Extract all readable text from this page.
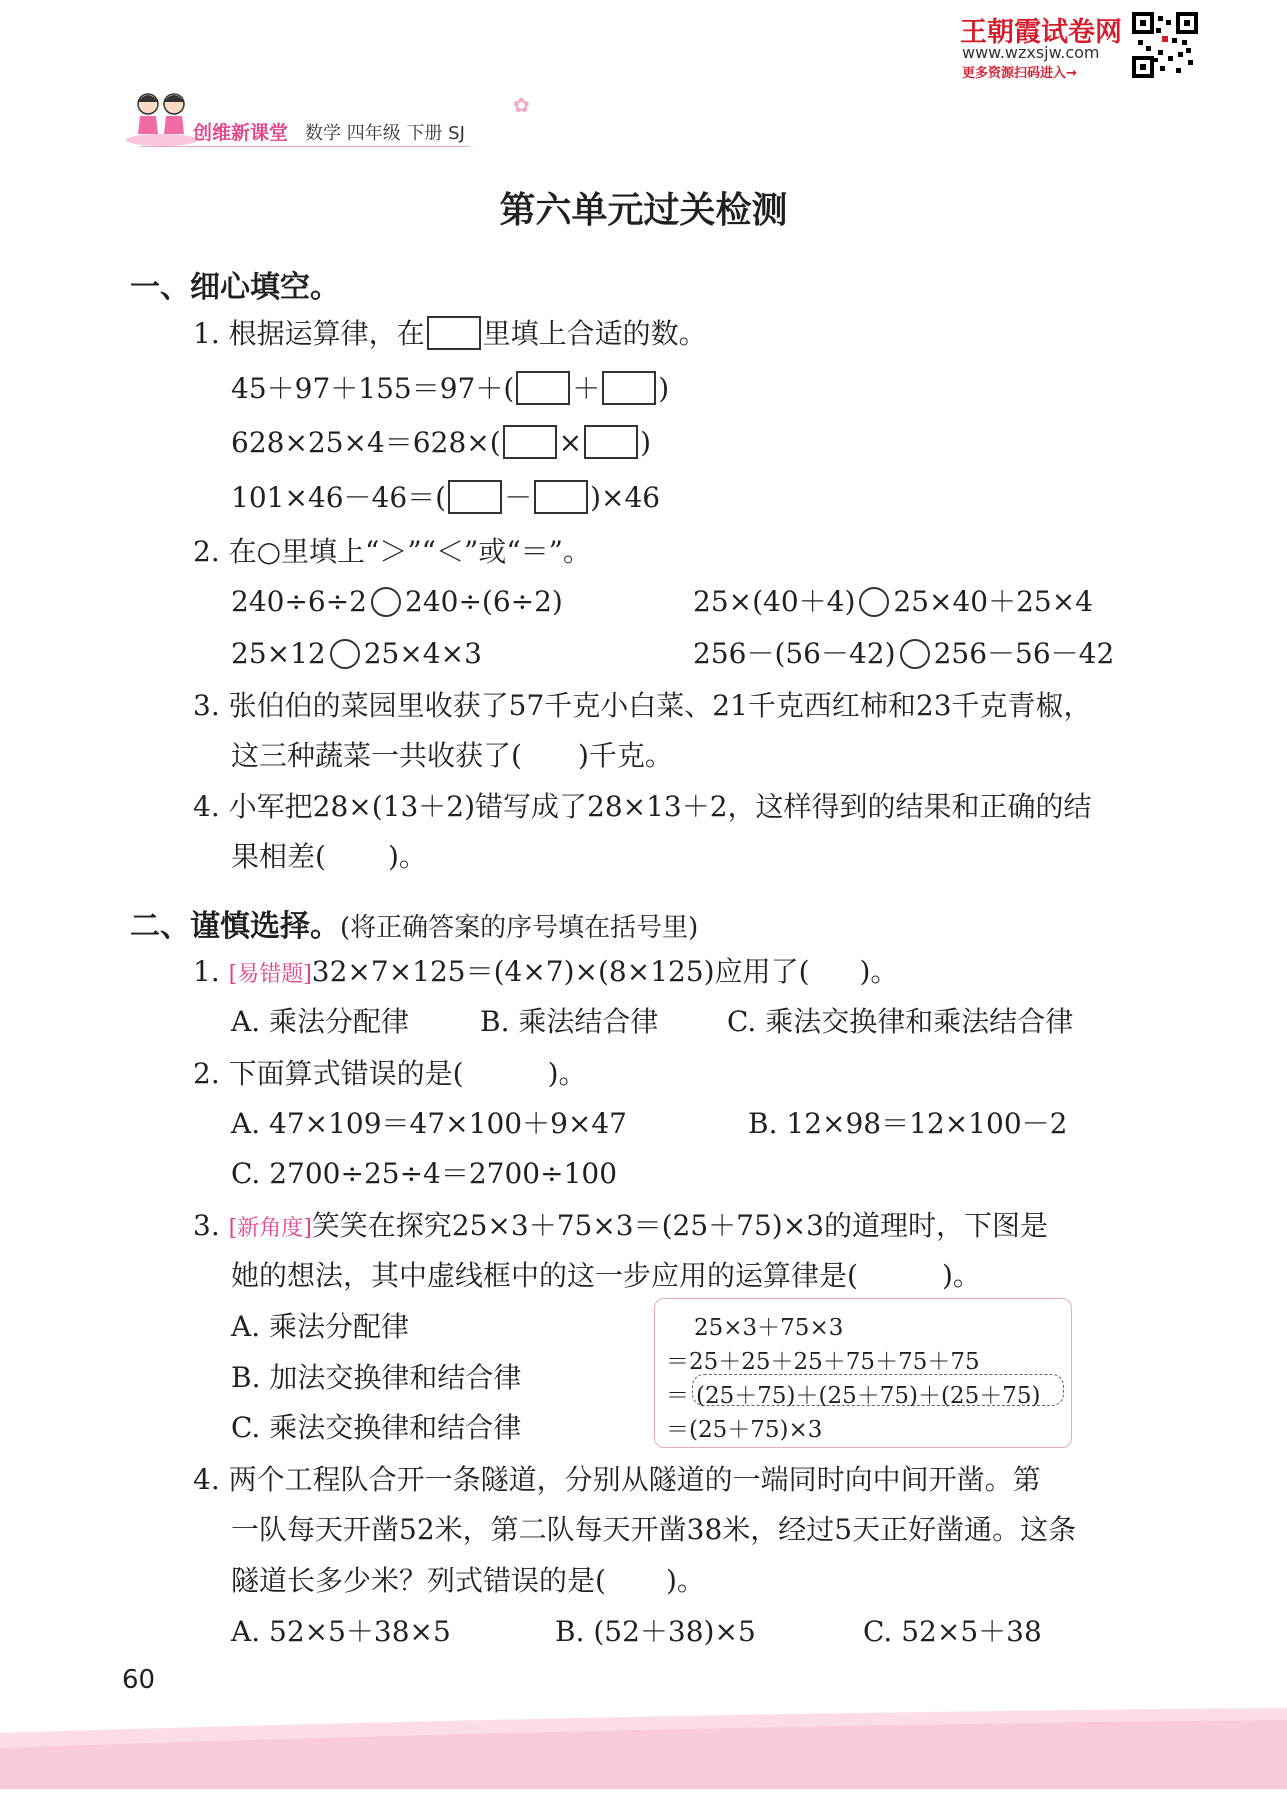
王朝霞试卷网
www.wzxsjw.com
更多资源扫码进入→
创维新课堂 数学 四年级 下册 SJ
✿
第六单元过关检测
一、细心填空。
1. 根据运算律，在 里填上合适的数。
45＋97＋155＝97＋( ＋ )
628×25×4＝628×( × )
101×46－46＝( － )×46
2. 在○里填上“＞”“＜”或“＝”。
240÷6÷2 240÷(6÷2)	25×(40＋4) 25×40＋25×4
25×12 25×4×3	256－(56－42) 256－56－42
3. 张伯伯的菜园里收获了57千克小白菜、21千克西红柿和23千克青椒，
这三种蔬菜一共收获了( )千克。
4. 小军把28×(13＋2)错写成了28×13＋2，这样得到的结果和正确的结
果相差( )。
二、谨慎选择。(将正确答案的序号填在括号里)
1. [易错题]32×7×125＝(4×7)×(8×125)应用了( )。
A. 乘法分配律	B. 乘法结合律 C. 乘法交换律和乘法结合律
2. 下面算式错误的是(	)。
A. 47×109＝47×100＋9×47	B. 12×98＝12×100－2
C. 2700÷25÷4＝2700÷100
3. [新角度]笑笑在探究25×3＋75×3＝(25＋75)×3的道理时，下图是
她的想法，其中虚线框中的这一步应用的运算律是(	)。
A. 乘法分配律
B. 加法交换律和结合律
C. 乘法交换律和结合律
25×3＋75×3
＝25＋25＋25＋75＋75＋75
＝ (25＋75)＋(25＋75)＋(25＋75)
＝(25＋75)×3
4. 两个工程队合开一条隧道，分别从隧道的一端同时向中间开凿。第
一队每天开凿52米，第二队每天开凿38米，经过5天正好凿通。这条
隧道长多少米？列式错误的是( )。
A. 52×5＋38×5	B. (52＋38)×5	C. 52×5＋38
60
